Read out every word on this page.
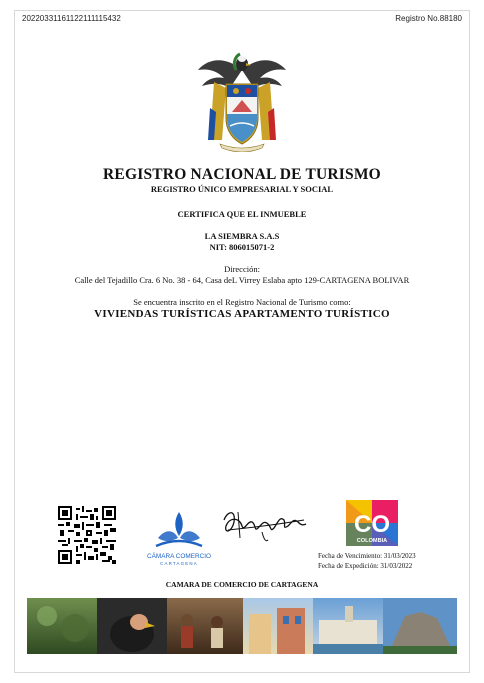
20220331161122111115432	Registro No.88180
REGISTRO NACIONAL DE TURISMO
REGISTRO ÚNICO EMPRESARIAL Y SOCIAL
CERTIFICA QUE EL INMUEBLE
LA SIEMBRA S.A.S
NIT: 806015071-2
Dirección:
Calle del Tejadillo Cra. 6 No. 38 - 64, Casa deL Virrey Eslaba apto 129-CARTAGENA BOLIVAR
Se encuentra inscrito en el Registro Nacional de Turismo como:
VIVIENDAS TURÍSTICAS APARTAMENTO TURÍSTICO
CÁMARA COMERCIO
CARTAGENA
CO
COLOMBIA
Fecha de Vencimiento: 31/03/2023
Fecha de Expedición: 31/03/2022
CAMARA DE COMERCIO DE CARTAGENA
